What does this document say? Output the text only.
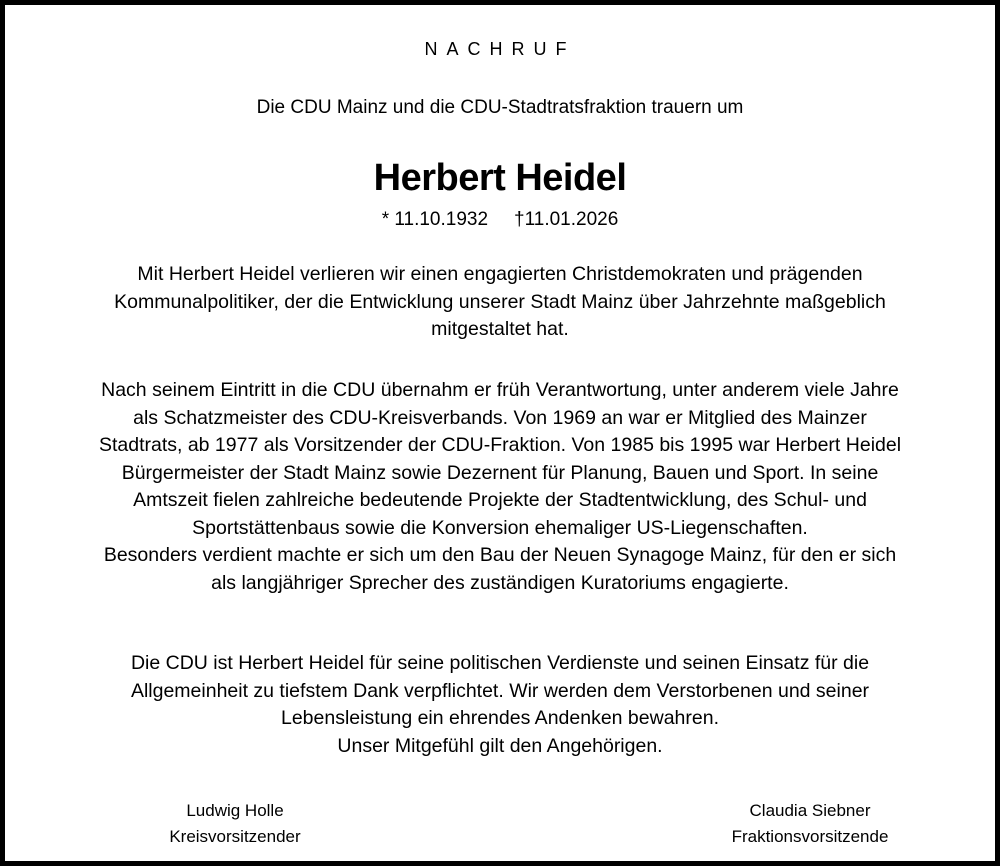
NACHRUF
Die CDU Mainz und die CDU-Stadtratsfraktion trauern um
Herbert Heidel
* 11.10.1932 †11.01.2026
Mit Herbert Heidel verlieren wir einen engagierten Christdemokraten und prägenden
Kommunalpolitiker, der die Entwicklung unserer Stadt Mainz über Jahrzehnte maßgeblich
mitgestaltet hat.
Nach seinem Eintritt in die CDU übernahm er früh Verantwortung, unter anderem viele Jahre
als Schatzmeister des CDU-Kreisverbands. Von 1969 an war er Mitglied des Mainzer
Stadtrats, ab 1977 als Vorsitzender der CDU-Fraktion. Von 1985 bis 1995 war Herbert Heidel
Bürgermeister der Stadt Mainz sowie Dezernent für Planung, Bauen und Sport. In seine
Amtszeit fielen zahlreiche bedeutende Projekte der Stadtentwicklung, des Schul- und
Sportstättenbaus sowie die Konversion ehemaliger US-Liegenschaften.
Besonders verdient machte er sich um den Bau der Neuen Synagoge Mainz, für den er sich
als langjähriger Sprecher des zuständigen Kuratoriums engagierte.
Die CDU ist Herbert Heidel für seine politischen Verdienste und seinen Einsatz für die
Allgemeinheit zu tiefstem Dank verpflichtet. Wir werden dem Verstorbenen und seiner
Lebensleistung ein ehrendes Andenken bewahren.
Unser Mitgefühl gilt den Angehörigen.
Ludwig Holle
Kreisvorsitzender
Claudia Siebner
Fraktionsvorsitzende
